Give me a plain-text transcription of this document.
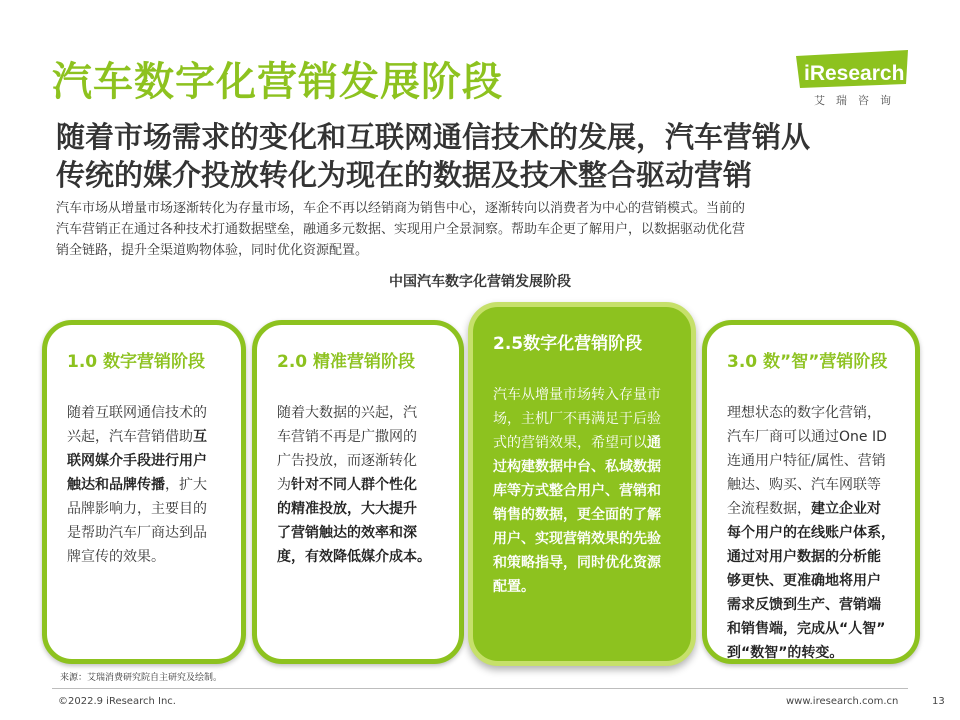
汽车数字化营销发展阶段	iResearch
艾瑞咨询
随着市场需求的变化和互联网通信技术的发展，汽车营销从
传统的媒介投放转化为现在的数据及技术整合驱动营销
汽车市场从增量市场逐渐转化为存量市场，车企不再以经销商为销售中心，逐渐转向以消费者为中心的营销模式。当前的
汽车营销正在通过各种技术打通数据壁垒，融通多元数据、实现用户全景洞察。帮助车企更了解用户，以数据驱动优化营
销全链路，提升全渠道购物体验，同时优化资源配置。
中国汽车数字化营销发展阶段
1.0 数字营销阶段
随着互联网通信技术的
兴起，汽车营销借助互
联网媒介手段进行用户
触达和品牌传播，扩大
品牌影响力，主要目的
是帮助汽车厂商达到品
牌宣传的效果。
2.0 精准营销阶段
随着大数据的兴起，汽
车营销不再是广撒网的
广告投放，而逐渐转化
为针对不同人群个性化
的精准投放，大大提升
了营销触达的效率和深
度，有效降低媒介成本。
2.5数字化营销阶段
汽车从增量市场转入存量市
场，主机厂不再满足于后验
式的营销效果，希望可以通
过构建数据中台、私域数据
库等方式整合用户、营销和
销售的数据，更全面的了解
用户、实现营销效果的先验
和策略指导，同时优化资源
配置。
3.0 数”智”营销阶段
理想状态的数字化营销，
汽车厂商可以通过One ID
连通用户特征/属性、营销
触达、购买、汽车网联等
全流程数据，建立企业对
每个用户的在线账户体系，
通过对用户数据的分析能
够更快、更准确地将用户
需求反馈到生产、营销端
和销售端，完成从“人智”
到“数智”的转变。
来源：艾瑞消费研究院自主研究及绘制。
©2022.9 iResearch Inc.	www.iresearch.com.cn	13
